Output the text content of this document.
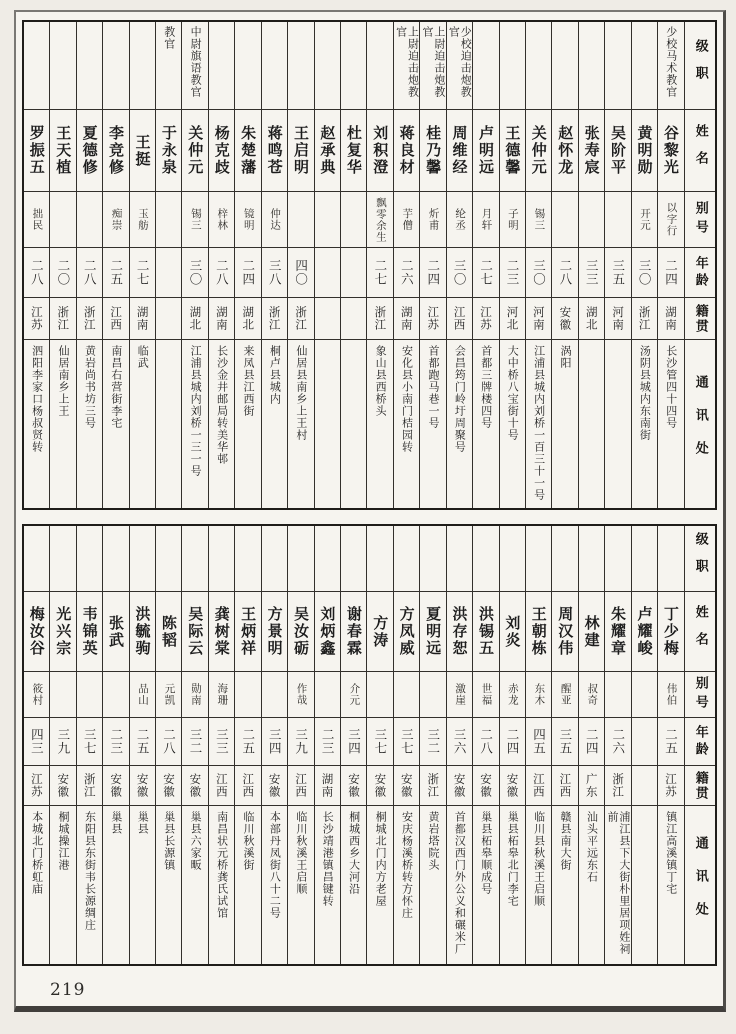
级职
姓名
别号
年龄
籍贯
通讯处
少校马术教官
谷黎光
以字行
二四
湖南
长沙管四十四号
黄明勋
开元
三〇
浙江
汤阴县城内东南街
吴阶平
三五
河南
张寿宸
三三
湖北
赵怀龙
二八
安徽
涡阳
关仲元
锡三
三〇
河南
江浦县城内刘桥一百三十一号
王德馨
子明
二三
河北
大中桥八宝街十号
卢明远
月轩
二七
江苏
首都三牌楼四号
少校迫击炮教官
周维经
纶丞
三〇
江西
会昌筠门岭圩周聚号
上尉迫击炮教官
桂乃馨
炘甫
二四
江苏
首都跑马巷一号
上尉迫击炮教官
蒋良材
芋僧
二六
湖南
安化县小南门桔园转
刘积澄
飘零余生
二七
浙江
象山县西桥头
杜复华
赵承典
王启明
四〇
浙江
仙居县南乡上王村
蒋鸣苍
仲达
三八
浙江
桐卢县城内
朱楚藩
镜明
二四
湖北
来凤县江西街
杨克歧
梓林
二八
湖南
长沙金井邮局转美华邨
中尉旗语教官
关仲元
锡三
三〇
湖北
江浦县城内刘桥一三一号
教官
于永泉
王挺
玉舫
二七
湖南
临武
李竞修
痴崇
二五
江西
南昌右营街李宅
夏德修
二八
浙江
黄岩尚书坊三号
王天植
二〇
浙江
仙居南乡上王
罗振五
拙民
二八
江苏
泗阳李家口杨叔贤转
级职
姓名
别号
年龄
籍贯
通讯处
丁少梅
伟伯
二五
江苏
镇江高溪镇丁宅
卢耀峻
朱耀章
二六
浙江
浦江县下大街朴里居项姓祠前
林建
叔奇
二四
广东
汕头平远东石
周汉伟
醒亚
三五
江西
赣县南大街
王朝栋
东木
四五
江西
临川县秋溪王启顺
刘炎
赤龙
二四
安徽
巢县柘皋北门李宅
洪锡五
世福
二八
安徽
巢县柘皋顺成号
洪存恕
激崖
三六
安徽
首都汉西门外公义和碾米厂
夏明远
三二
浙江
黄岩塔院头
方凤威
三七
安徽
安庆杨溪桥转方怀庄
方涛
三七
安徽
桐城北门内方老屋
谢春霖
介元
三四
安徽
桐城西乡大河沿
刘炳鑫
二三
湖南
长沙靖港镇昌键转
吴汝砺
作哉
三九
江西
临川秋溪王启顺
方景明
三四
安徽
本部丹凤街八十二号
王炳祥
二五
江西
临川秋溪街
龚树棠
海珊
三三
江西
南昌状元桥龚氏试馆
吴际云
勋南
三二
安徽
巢县六家畈
陈韬
元凯
二八
安徽
巢县长源镇
洪毓驹
品山
二五
安徽
巢县
张武
二三
安徽
巢县
韦锦英
三七
浙江
东阳县东街韦长源绸庄
光兴宗
三九
安徽
桐城操江港
梅汝谷
筱村
四三
江苏
本城北门桥虹庙
219
